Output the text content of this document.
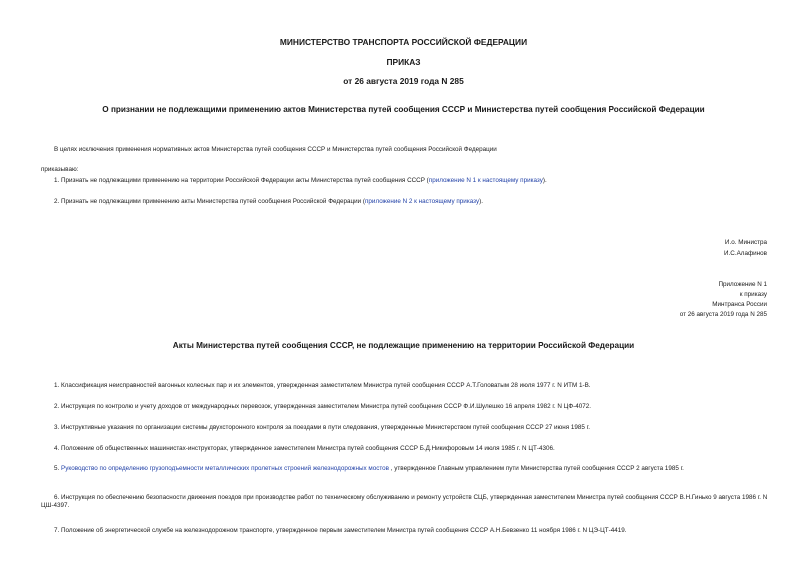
МИНИСТЕРСТВО ТРАНСПОРТА РОССИЙСКОЙ ФЕДЕРАЦИИ
ПРИКАЗ
от 26 августа 2019 года N 285
О признании не подлежащими применению актов Министерства путей сообщения СССР и Министерства путей сообщения Российской Федерации
В целях исключения применения нормативных актов Министерства путей сообщения СССР и Министерства путей сообщения Российской Федерации
приказываю:
1. Признать не подлежащими применению на территории Российской Федерации акты Министерства путей сообщения СССР (приложение N 1 к настоящему приказу).
2. Признать не подлежащими применению акты Министерства путей сообщения Российской Федерации (приложение N 2 к настоящему приказу).
И.о. Министра
И.С.Алафинов
Приложение N 1
к приказу
Минтранса России
от 26 августа 2019 года N 285
Акты Министерства путей сообщения СССР, не подлежащие применению на территории Российской Федерации
1. Классификация неисправностей вагонных колесных пар и их элементов, утвержденная заместителем Министра путей сообщения СССР А.Т.Головатым 28 июля 1977 г. N ИТМ 1-В.
2. Инструкция по контролю и учету доходов от международных перевозок, утвержденная заместителем Министра путей сообщения СССР Ф.И.Шулешко 16 апреля 1982 г. N ЦФ-4072.
3. Инструктивные указания по организации системы двухсторонного контроля за поездами в пути следования, утвержденные Министерством путей сообщения СССР 27 июня 1985 г.
4. Положение об общественных машинистах-инструкторах, утвержденное заместителем Министра путей сообщения СССР Б.Д.Никифоровым 14 июля 1985 г. N ЦТ-4306.
5. Руководство по определению грузоподъемности металлических пролетных строений железнодорожных мостов , утвержденное Главным управлением пути Министерства путей сообщения СССР 2 августа 1985 г.
6. Инструкция по обеспечению безопасности движения поездов при производстве работ по техническому обслуживанию и ремонту устройств СЦБ, утвержденная заместителем Министра путей сообщения СССР В.Н.Гинько 9 августа 1986 г. N ЦШ-4397.
7. Положение об энергетической службе на железнодорожном транспорте, утвержденное первым заместителем Министра путей сообщения СССР А.Н.Бевзенко 11 ноября 1986 г. N ЦЭ-ЦТ-4419.
